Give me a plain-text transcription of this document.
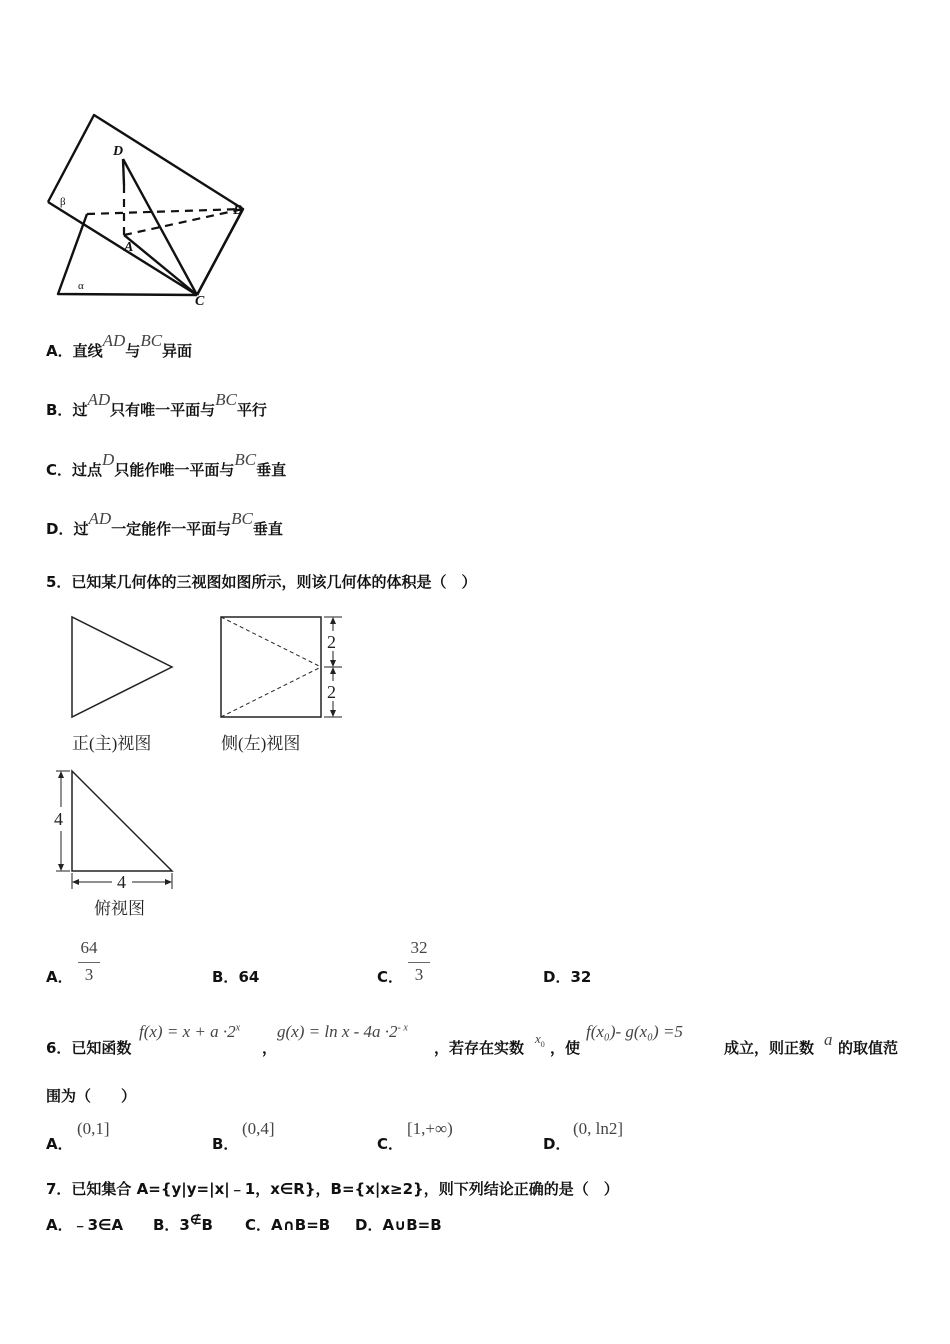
D
B
A
C
β
α
A．直线AD与BC异面
B．过AD只有唯一平面与BC平行
C．过点D只能作唯一平面与BC垂直
D．过AD一定能作一平面与BC垂直
5．已知某几何体的三视图如图所示，则该几何体的体积是（　）
正(主)视图
2
2
侧(左)视图
4
4
俯视图
A．
64
3	B．64	C．
32
3	D．32
6．已知函数
$f(x) = x + a \cdot 2^x$
，
$g(x) = \ln x - 4a \cdot 2^{- x}$
，若存在实数
$x_0$ ，使
f(x₀)- g(x₀) =5
成立，则正数 a 的取值范
围为（　　）
A．
(0,1]
B．
(0,4]
C．
[1,+∞)
D．
(0, ln2]
7．已知集合 A={y|y=|x|﹣1，x∈R}，B={x|x≥2}，则下列结论正确的是（　）
A．﹣3∈A B．3∉B C．A∩B=B D．A∪B=B
